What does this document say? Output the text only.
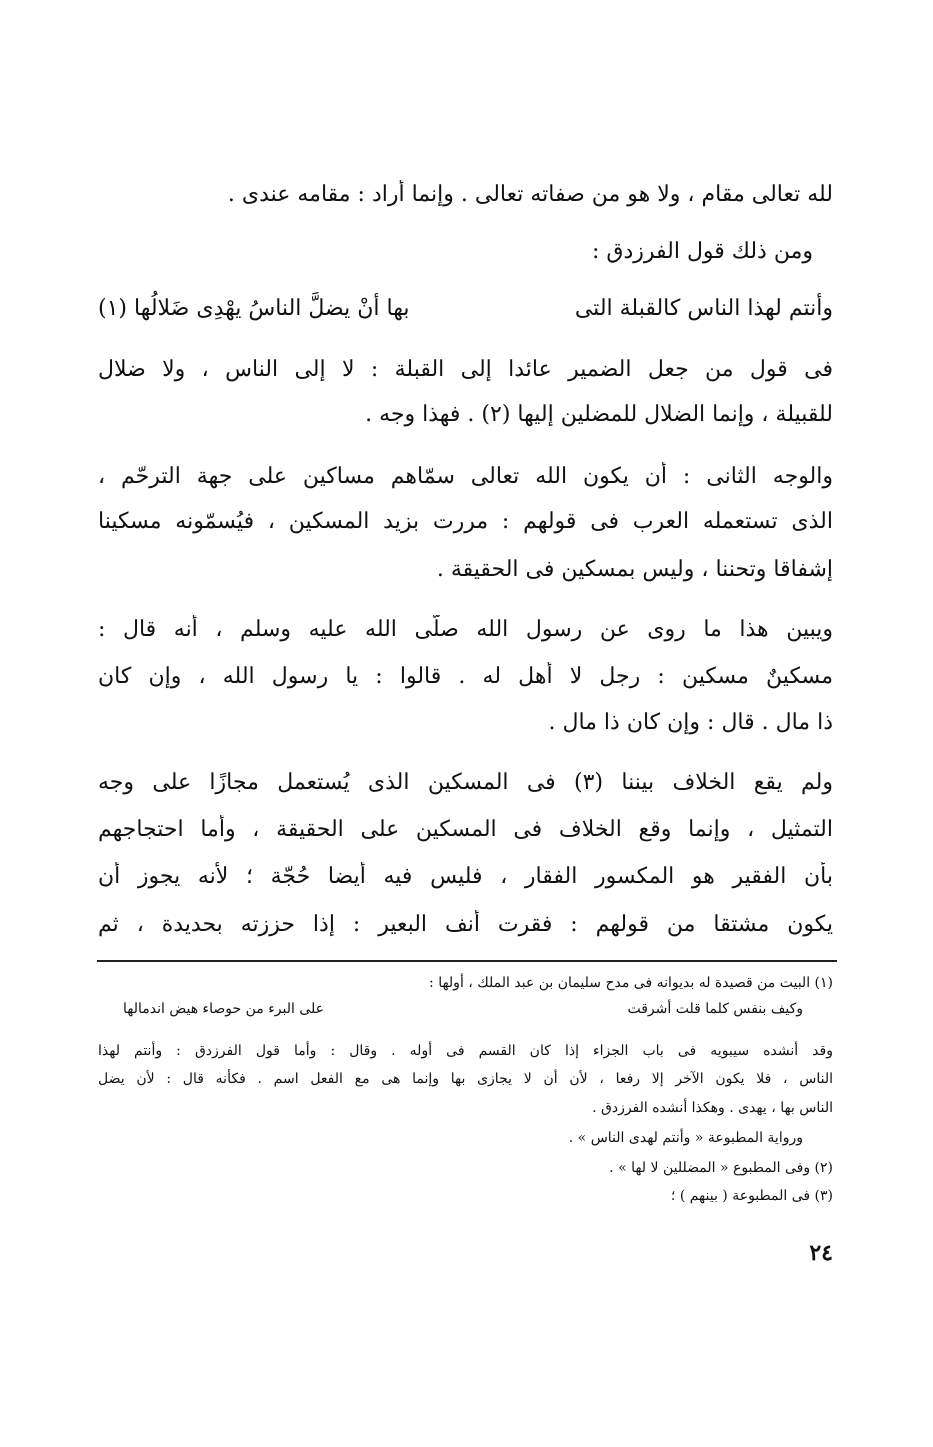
لله تعالى مقام ، ولا هو من صفاته تعالى . وإنما أراد : مقامه عندى .
ومن ذلك قول الفرزدق :
وأنتم لهذا الناس كالقبلة التى
بها أنْ يضلَّ الناسُ يهْدِى ضَلالُها (١)
فى قول من جعل الضمير عائدا إلى القبلة : لا إلى الناس ، ولا ضلال
للقبيلة ، وإنما الضلال للمضلين إليها (٢) . فهذا وجه .
والوجه الثانى : أن يكون الله تعالى سمّاهم مساكين على جهة الترحّم ،
الذى تستعمله العرب فى قولهم : مررت بزيد المسكين ، فيُسمّونه مسكينا
إشفاقا وتحننا ، وليس بمسكين فى الحقيقة .
ويبين هذا ما روى عن رسول الله صلّى الله عليه وسلم ، أنه قال :
مسكينٌ مسكين : رجل لا أهل له . قالوا : يا رسول الله ، وإن كان
ذا مال . قال : وإن كان ذا مال .
ولم يقع الخلاف بيننا (٣) فى المسكين الذى يُستعمل مجازًا على وجه
التمثيل ، وإنما وقع الخلاف فى المسكين على الحقيقة ، وأما احتجاجهم
بأن الفقير هو المكسور الفقار ، فليس فيه أيضا حُجّة ؛ لأنه يجوز أن
يكون مشتقا من قولهم : فقرت أنف البعير : إذا حززته بحديدة ، ثم
(١) البيت من قصيدة له بديوانه فى مدح سليمان بن عبد الملك ، أولها :
وكيف بنفس كلما قلت أشرقت
على البرء من حوصاء هيض اندمالها
وقد أنشده سيبويه فى باب الجزاء إذا كان القسم فى أوله . وقال : وأما قول الفرزدق : وأنتم لهذا
الناس ، فلا يكون الآخر إلا رفعا ، لأن أن لا يجازى بها وإنما هى مع الفعل اسم . فكأنه قال : لأن يضل
الناس بها ، يهدى . وهكذا أنشده الفرزدق .
ورواية المطبوعة « وأنتم لهدى الناس » .
(٢) وفى المطبوع « المضللين لا لها » .
(٣) فى المطبوعة ( بينهم ) ؛
٢٤
